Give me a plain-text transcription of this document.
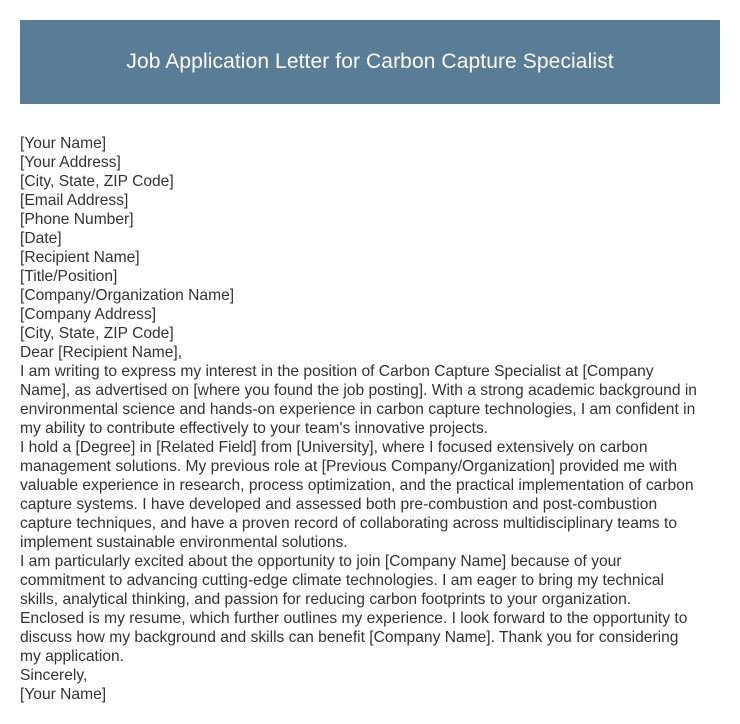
Job Application Letter for Carbon Capture Specialist
[Your Name]
[Your Address]
[City, State, ZIP Code]
[Email Address]
[Phone Number]
[Date]
[Recipient Name]
[Title/Position]
[Company/Organization Name]
[Company Address]
[City, State, ZIP Code]
Dear [Recipient Name],

I am writing to express my interest in the position of Carbon Capture Specialist at [Company
Name], as advertised on [where you found the job posting]. With a strong academic background in
environmental science and hands-on experience in carbon capture technologies, I am confident in
my ability to contribute effectively to your team's innovative projects.

I hold a [Degree] in [Related Field] from [University], where I focused extensively on carbon
management solutions. My previous role at [Previous Company/Organization] provided me with
valuable experience in research, process optimization, and the practical implementation of carbon
capture systems. I have developed and assessed both pre-combustion and post-combustion
capture techniques, and have a proven record of collaborating across multidisciplinary teams to
implement sustainable environmental solutions.

I am particularly excited about the opportunity to join [Company Name] because of your
commitment to advancing cutting-edge climate technologies. I am eager to bring my technical
skills, analytical thinking, and passion for reducing carbon footprints to your organization.

Enclosed is my resume, which further outlines my experience. I look forward to the opportunity to
discuss how my background and skills can benefit [Company Name]. Thank you for considering
my application.

Sincerely,
[Your Name]
